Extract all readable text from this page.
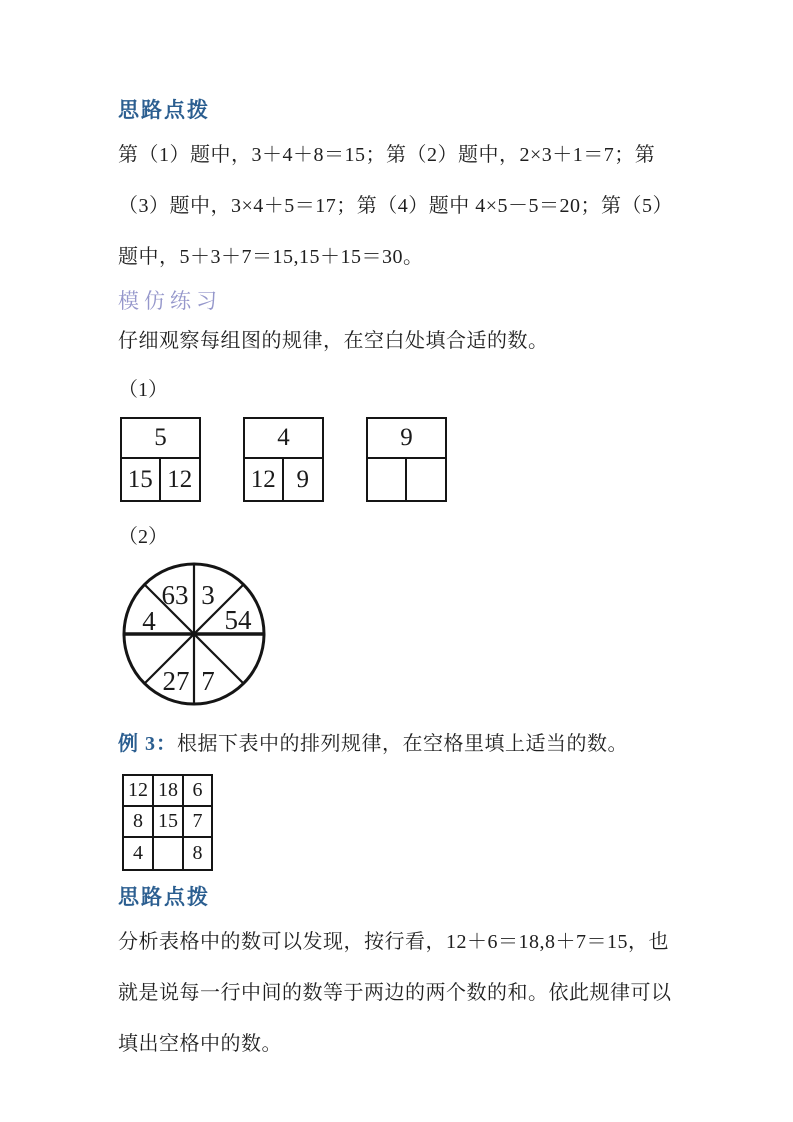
思路点拨
第（1）题中，3＋4＋8＝15；第（2）题中，2×3＋1＝7；第
（3）题中，3×4＋5＝17；第（4）题中 4×5－5＝20；第（5）
题中，5＋3＋7＝15,15＋15＝30。
模仿练习
仔细观察每组图的规律，在空白处填合适的数。
（1）
5
15 12
4
12 9
9
（2）
63 3
4	54
27 7
例 3：根据下表中的排列规律，在空格里填上适当的数。
12 18 6
8 15 7
4	8
思路点拨
分析表格中的数可以发现，按行看，12＋6＝18,8＋7＝15，也
就是说每一行中间的数等于两边的两个数的和。依此规律可以
填出空格中的数。
